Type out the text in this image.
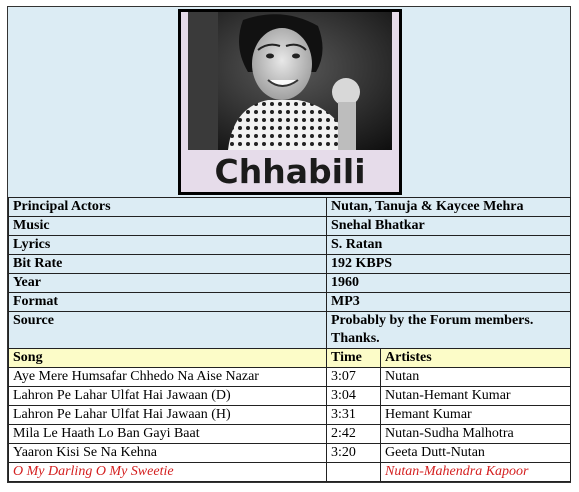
Chhabili
Principal Actors	Nutan, Tanuja & Kaycee Mehra	
Music	Snehal Bhatkar	
Lyrics	S. Ratan	
Bit Rate	192 KBPS	
Year	1960	
Format	MP3	
Source	Probably by the Forum members. Thanks.	
Song	Time	Artistes
Aye Mere Humsafar Chhedo Na Aise Nazar	3:07	Nutan
Lahron Pe Lahar Ulfat Hai Jawaan (D)	3:04	Nutan-Hemant Kumar
Lahron Pe Lahar Ulfat Hai Jawaan (H)	3:31	Hemant Kumar
Mila Le Haath Lo Ban Gayi Baat	2:42	Nutan-Sudha Malhotra
Yaaron Kisi Se Na Kehna	3:20	Geeta Dutt-Nutan
O My Darling O My Sweetie		Nutan-Mahendra Kapoor
